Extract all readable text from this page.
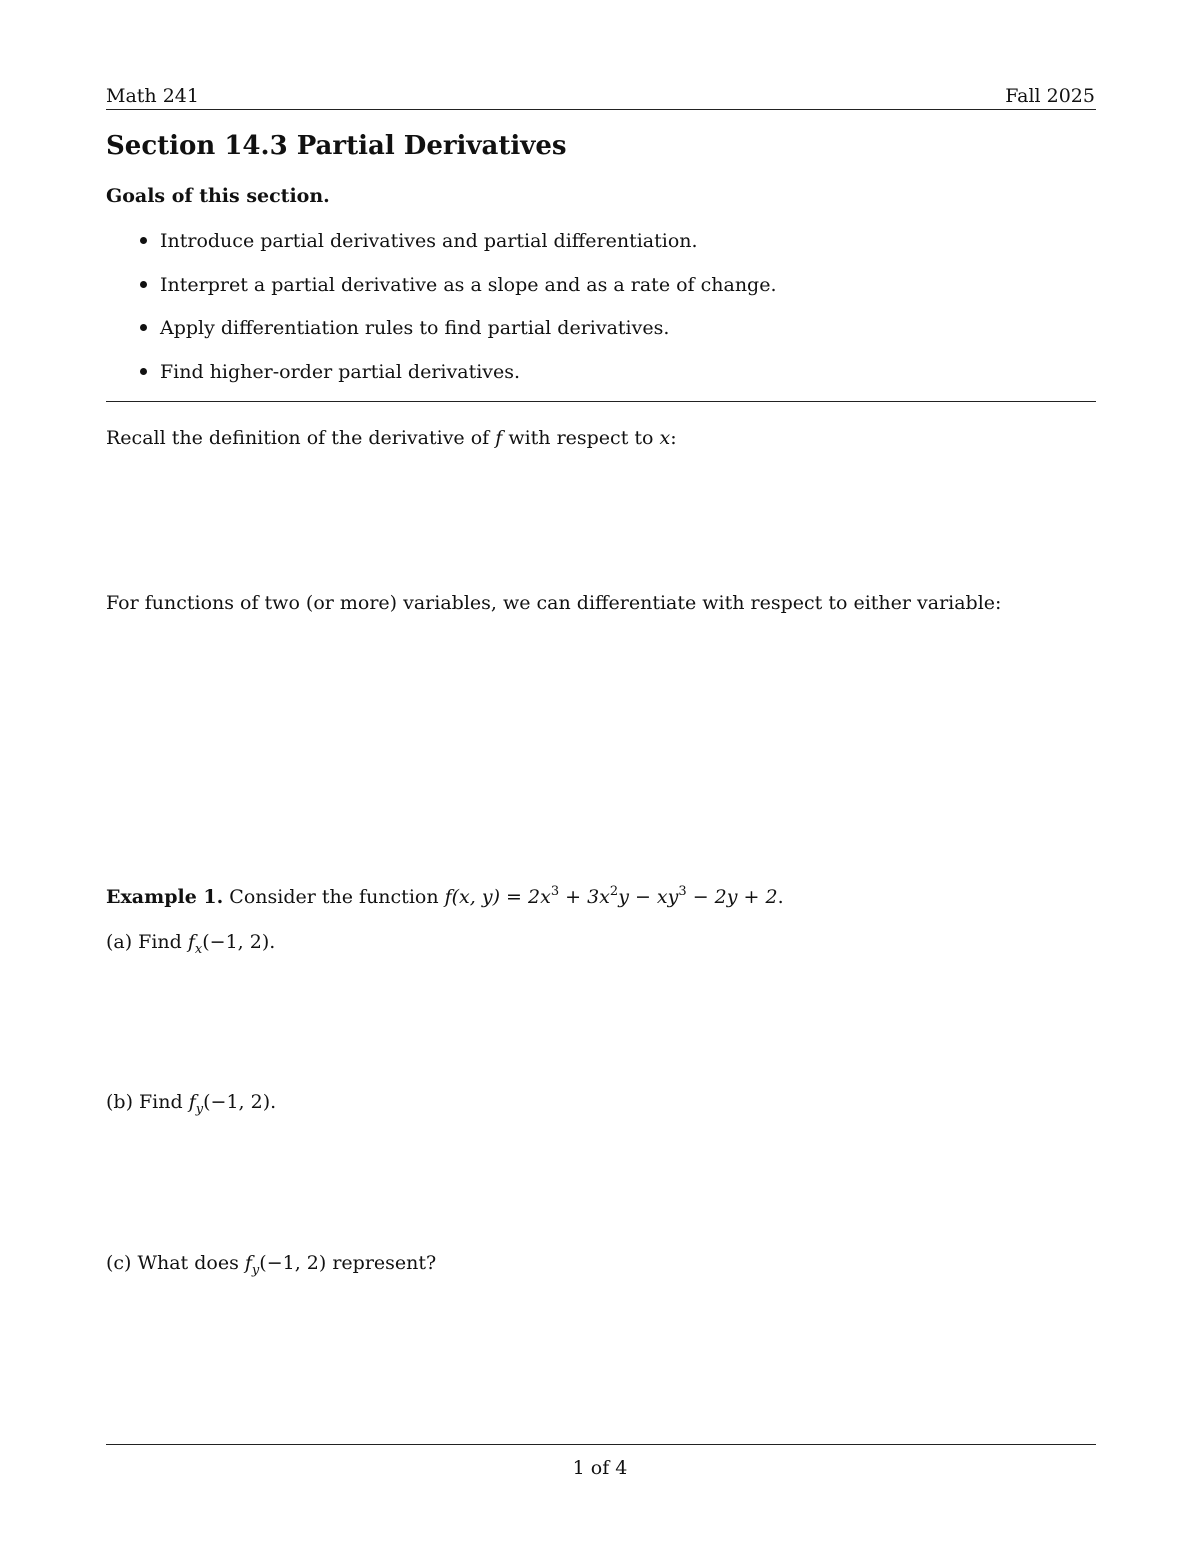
Math 241	Fall 2025
Section 14.3 Partial Derivatives
Goals of this section.
Introduce partial derivatives and partial differentiation.
Interpret a partial derivative as a slope and as a rate of change.
Apply differentiation rules to find partial derivatives.
Find higher-order partial derivatives.
Recall the definition of the derivative of f with respect to x:
For functions of two (or more) variables, we can differentiate with respect to either variable:
Example 1. Consider the function f(x, $y) = 2x^3 + 3x^2y - xy^3 - 2y + 2$.
(a) Find $f_x(-1$, 2).
(b) Find $f_y(-1$, 2).
(c) What does $f_y(-1$, 2) represent?
1 of 4
